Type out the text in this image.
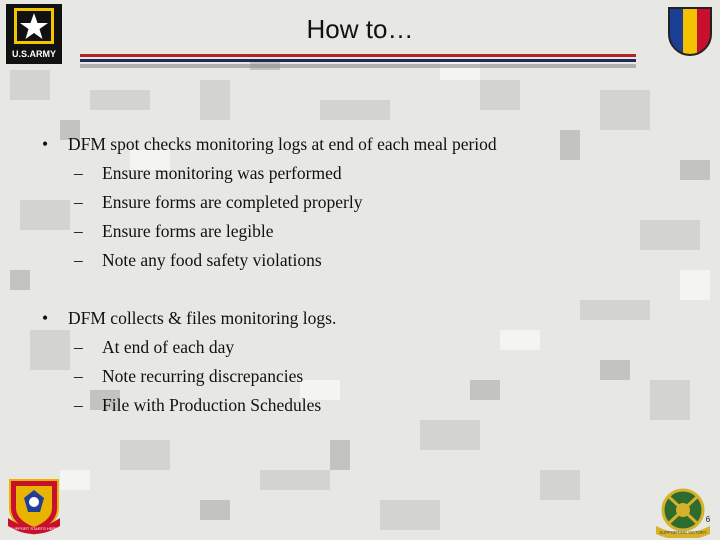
U.S.ARMY
How to…
•	DFM spot checks monitoring logs at end of each meal period
–	Ensure monitoring was performed
–	Ensure forms are completed properly
–	Ensure forms are legible
–	Note any food safety violations
•	DFM collects & files monitoring logs.
–	At end of each day
–	Note recurring discrepancies
–	File with Production Schedules
SUPPORT STARTS HERE
SUPPORTING VICTORY
6
